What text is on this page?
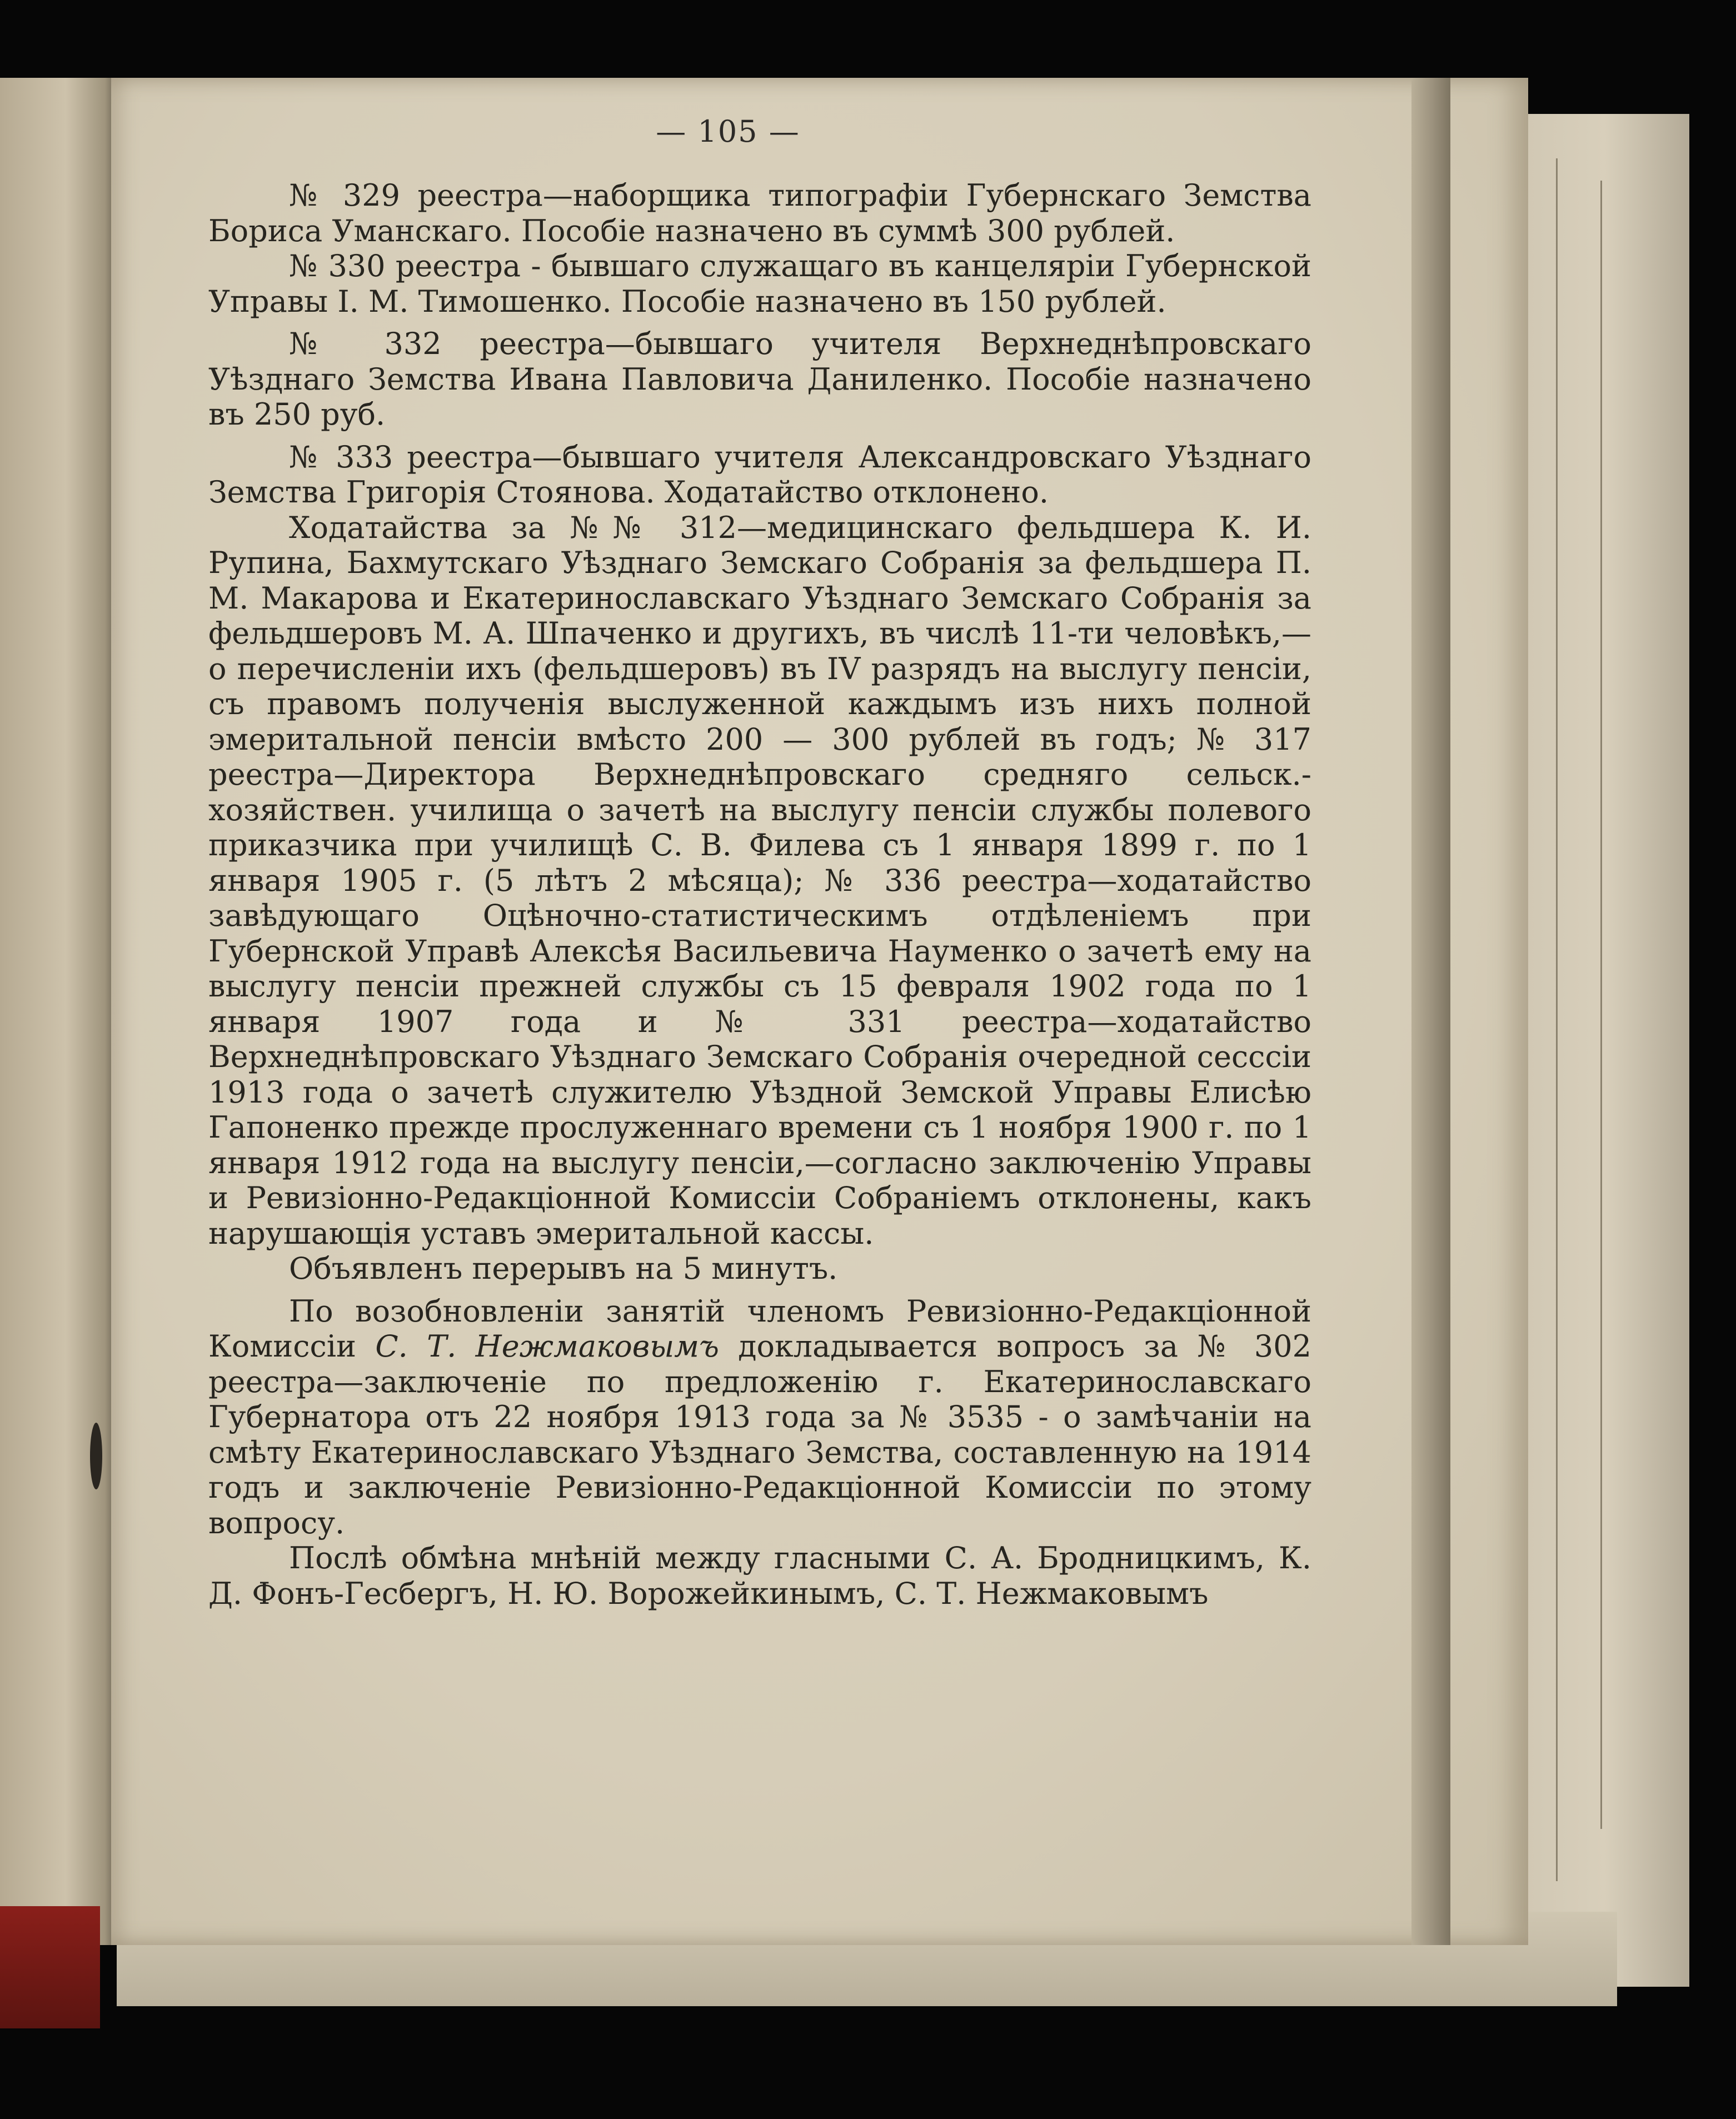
— 105 —

№ 329 реестра—наборщика типографіи Губернскаго Земства Бориса Уманскаго. Пособіе назначено въ суммѣ 300 рублей.

№ 330 реестра - бывшаго служащаго въ канцеляріи Губернской Управы І. М. Тимошенко. Пособіе назначено въ 150 рублей.

№ 332 реестра—бывшаго учителя Верхнеднѣпровскаго Уѣзднаго Земства Ивана Павловича Даниленко. Пособіе назначено въ 250 руб.

№ 333 реестра—бывшаго учителя Александровскаго Уѣзднаго Земства Григорія Стоянова. Ходатайство отклонено.

Ходатайства за №№ 312—медицинскаго фельдшера К. И. Рупина, Бахмутскаго Уѣзднаго Земскаго Собранія за фельдшера П. М. Макарова и Екатеринославскаго Уѣзднаго Земскаго Собранія за фельдшеровъ М. А. Шпаченко и другихъ, въ числѣ 11-ти человѣкъ,—о перечисленіи ихъ (фельдшеровъ) въ IV разрядъ на выслугу пенсіи, съ правомъ полученія выслуженной каждымъ изъ нихъ полной эмеритальной пенсіи вмѣсто 200 — 300 рублей въ годъ; № 317 реестра—Директора Верхнеднѣпровскаго средняго сельск.-хозяйствен. училища о зачетѣ на выслугу пенсіи службы полевого приказчика при училищѣ С. В. Филева съ 1 января 1899 г. по 1 января 1905 г. (5 лѣтъ 2 мѣсяца); № 336 реестра—ходатайство завѣдующаго Оцѣночно-статистическимъ отдѣленіемъ при Губернской Управѣ Алексѣя Васильевича Науменко о зачетѣ ему на выслугу пенсіи прежней службы съ 15 февраля 1902 года по 1 января 1907 года и № 331 реестра—ходатайство Верхнеднѣпровскаго Уѣзднаго Земскаго Собранія очередной сесссіи 1913 года о зачетѣ служителю Уѣздной Земской Управы Елисѣю Гапоненко прежде прослуженнаго времени съ 1 ноября 1900 г. по 1 января 1912 года на выслугу пенсіи,—согласно заключенію Управы и Ревизіонно-Редакціонной Комиссіи Собраніемъ отклонены, какъ нарушающія уставъ эмеритальной кассы.

Объявленъ перерывъ на 5 минутъ.

По возобновленіи занятій членомъ Ревизіонно-Редакціонной Комиссіи С. Т. Нежмаковымъ докладывается вопросъ за № 302 реестра—заключеніе по предложенію г. Екатеринославскаго Губернатора отъ 22 ноября 1913 года за № 3535 - о замѣчаніи на смѣту Екатеринославскаго Уѣзднаго Земства, составленную на 1914 годъ и заключеніе Ревизіонно-Редакціонной Комиссіи по этому вопросу.

Послѣ обмѣна мнѣній между гласными С. А. Бродницкимъ, К. Д. Фонъ-Гесбергъ, Н. Ю. Ворожейкинымъ, С. Т. Нежмаковымъ
